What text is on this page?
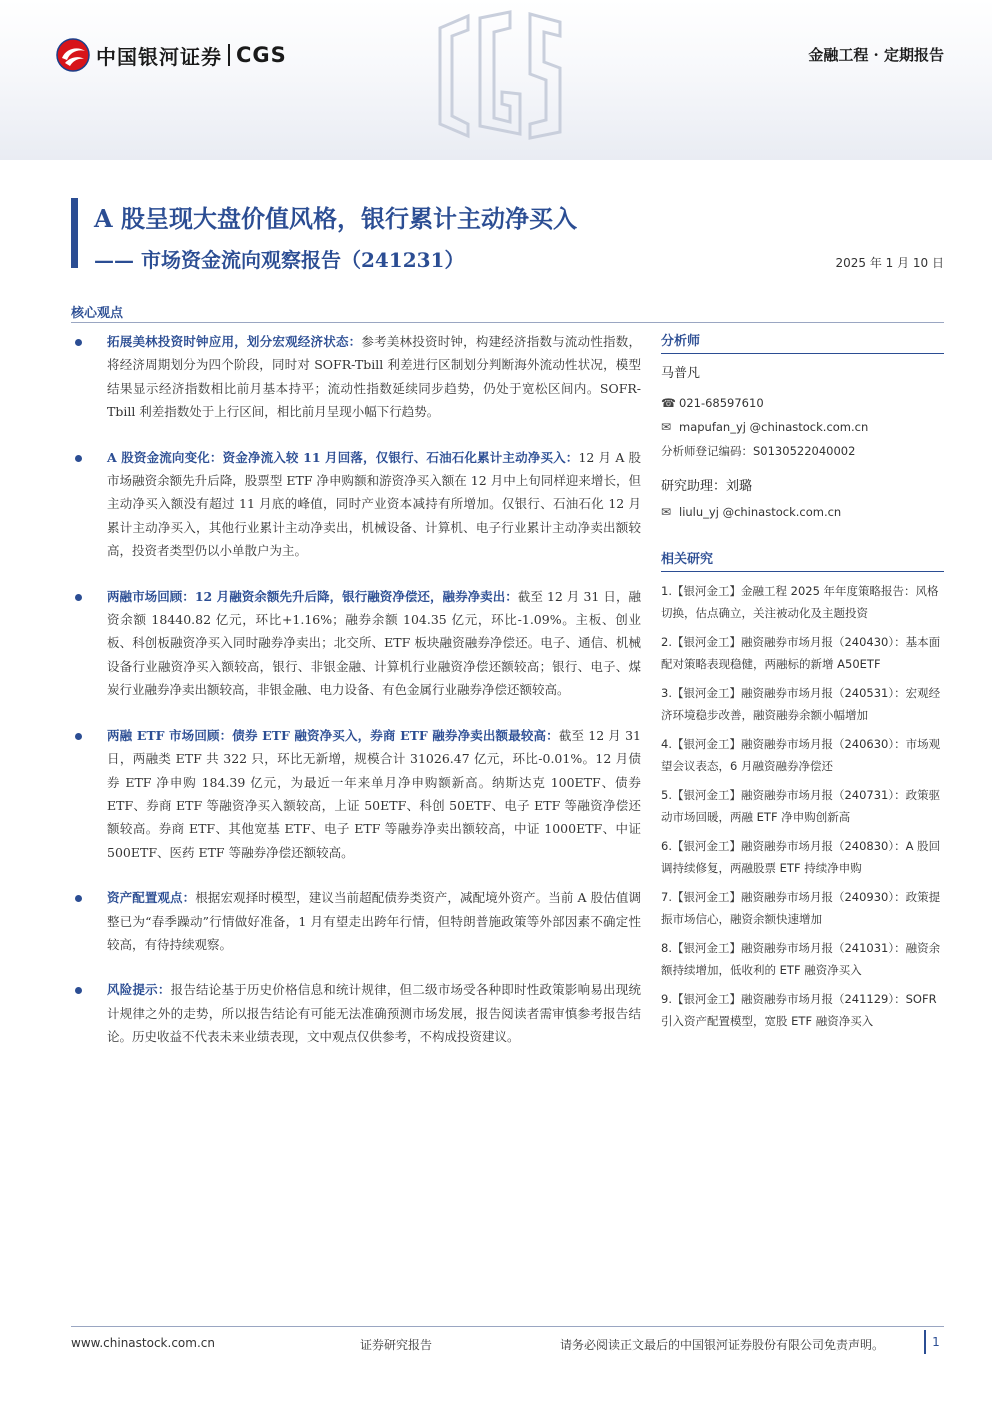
中国银河证券 CGS	金融工程 · 定期报告
A 股呈现大盘价值风格，银行累计主动净买入
—— 市场资金流向观察报告（241231）	2025 年 1 月 10 日
核心观点
拓展美林投资时钟应用，划分宏观经济状态：参考美林投资时钟，构建经济指数与流动性指数，将经济周期划分为四个阶段，同时对 SOFR-Tbill 利差进行区制划分判断海外流动性状况，模型结果显示经济指数相比前月基本持平；流动性指数延续同步趋势，仍处于宽松区间内。SOFR-Tbill 利差指数处于上行区间，相比前月呈现小幅下行趋势。
A 股资金流向变化：资金净流入较 11 月回落，仅银行、石油石化累计主动净买入：12 月 A 股市场融资余额先升后降，股票型 ETF 净申购额和游资净买入额在 12 月中上旬同样迎来增长，但主动净买入额没有超过 11 月底的峰值，同时产业资本减持有所增加。仅银行、石油石化 12 月累计主动净买入，其他行业累计主动净卖出，机械设备、计算机、电子行业累计主动净卖出额较高，投资者类型仍以小单散户为主。
两融市场回顾：12 月融资余额先升后降，银行融资净偿还，融券净卖出：截至 12 月 31 日，融资余额 18440.82 亿元，环比+1.16%；融券余额 104.35 亿元，环比-1.09%。主板、创业板、科创板融资净买入同时融券净卖出；北交所、ETF 板块融资融券净偿还。电子、通信、机械设备行业融资净买入额较高，银行、非银金融、计算机行业融资净偿还额较高；银行、电子、煤炭行业融券净卖出额较高，非银金融、电力设备、有色金属行业融券净偿还额较高。
两融 ETF 市场回顾：债券 ETF 融资净买入，券商 ETF 融券净卖出额最较高：截至 12 月 31 日，两融类 ETF 共 322 只，环比无新增，规模合计 31026.47 亿元，环比-0.01%。12 月债券 ETF 净申购 184.39 亿元，为最近一年来单月净申购额新高。纳斯达克 100ETF、债券 ETF、券商 ETF 等融资净买入额较高，上证 50ETF、科创 50ETF、电子 ETF 等融资净偿还额较高。券商 ETF、其他宽基 ETF、电子 ETF 等融券净卖出额较高，中证 1000ETF、中证 500ETF、医药 ETF 等融券净偿还额较高。
资产配置观点：根据宏观择时模型，建议当前超配债券类资产，减配境外资产。当前 A 股估值调整已为“春季躁动”行情做好准备，1 月有望走出跨年行情，但特朗普施政策等外部因素不确定性较高，有待持续观察。
风险提示：报告结论基于历史价格信息和统计规律，但二级市场受各种即时性政策影响易出现统计规律之外的走势，所以报告结论有可能无法准确预测市场发展，报告阅读者需审慎参考报告结论。历史收益不代表未来业绩表现，文中观点仅供参考，不构成投资建议。
分析师
马普凡
☎ 021-68597610
✉ mapufan_yj @chinastock.com.cn
分析师登记编码：S0130522040002
研究助理：刘璐
✉ liulu_yj @chinastock.com.cn
相关研究
1.【银河金工】金融工程 2025 年年度策略报告：风格切换，估点确立，关注被动化及主题投资
2.【银河金工】融资融券市场月报（240430）：基本面配对策略表现稳健，两融标的新增 A50ETF
3.【银河金工】融资融券市场月报（240531）：宏观经济环境稳步改善，融资融券余额小幅增加
4.【银河金工】融资融券市场月报（240630）：市场观望会议表态，6 月融资融券净偿还
5.【银河金工】融资融券市场月报（240731）：政策驱动市场回暖，两融 ETF 净申购创新高
6.【银河金工】融资融券市场月报（240830）：A 股回调持续修复，两融股票 ETF 持续净申购
7.【银河金工】融资融券市场月报（240930）：政策提振市场信心，融资余额快速增加
8.【银河金工】融资融券市场月报（241031）：融资余额持续增加，低收利的 ETF 融资净买入
9.【银河金工】融资融券市场月报（241129）：SOFR 引入资产配置模型，宽股 ETF 融资净买入
www.chinastock.com.cn	证券研究报告	请务必阅读正文最后的中国银河证券股份有限公司免责声明。	1
